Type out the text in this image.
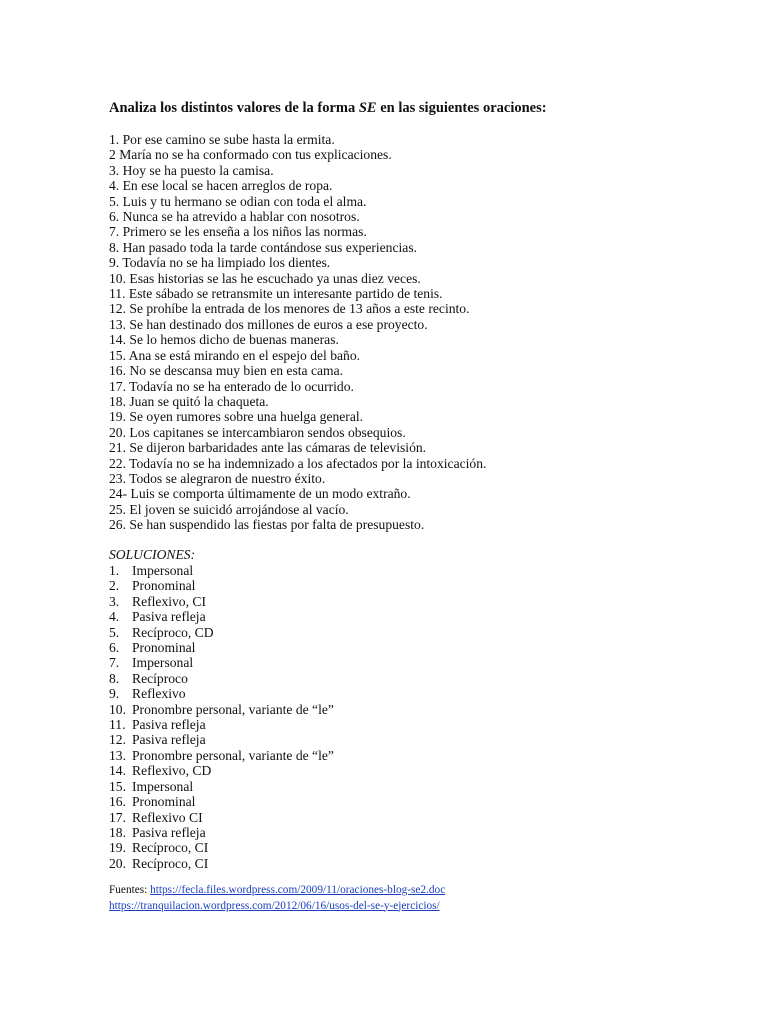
Analiza los distintos valores de la forma SE en las siguientes oraciones:
1. Por ese camino se sube hasta la ermita.
2 María no se ha conformado con tus explicaciones.
3. Hoy se ha puesto la camisa.
4. En ese local se hacen arreglos de ropa.
5. Luis y tu hermano se odian con toda el alma.
6. Nunca se ha atrevido a hablar con nosotros.
7. Primero se les enseña a los niños las normas.
8. Han pasado toda la tarde contándose sus experiencias.
9. Todavía no se ha limpiado los dientes.
10. Esas historias se las he escuchado ya unas diez veces.
11. Este sábado se retransmite un interesante partido de tenis.
12. Se prohíbe la entrada de los menores de 13 años a este recinto.
13. Se han destinado dos millones de euros a ese proyecto.
14. Se lo hemos dicho de buenas maneras.
15. Ana se está mirando en el espejo del baño.
16. No se descansa muy bien en esta cama.
17. Todavía no se ha enterado de lo ocurrido.
18. Juan se quitó la chaqueta.
19. Se oyen rumores sobre una huelga general.
20. Los capitanes se intercambiaron sendos obsequios.
21. Se dijeron barbaridades ante las cámaras de televisión.
22. Todavía no se ha indemnizado a los afectados por la intoxicación.
23. Todos se alegraron de nuestro éxito.
24- Luis se comporta últimamente de un modo extraño.
25. El joven se suicidó arrojándose al vacío.
26. Se han suspendido las fiestas por falta de presupuesto.
SOLUCIONES:
1. Impersonal
2. Pronominal
3. Reflexivo, CI
4. Pasiva refleja
5. Recíproco, CD
6. Pronominal
7. Impersonal
8. Recíproco
9. Reflexivo
10. Pronombre personal, variante de “le”
11. Pasiva refleja
12. Pasiva refleja
13. Pronombre personal, variante de “le”
14. Reflexivo, CD
15. Impersonal
16. Pronominal
17. Reflexivo CI
18. Pasiva refleja
19. Recíproco, CI
20. Recíproco, CI
Fuentes: https://fecla.files.wordpress.com/2009/11/oraciones-blog-se2.doc
https://tranquilacion.wordpress.com/2012/06/16/usos-del-se-y-ejercicios/
